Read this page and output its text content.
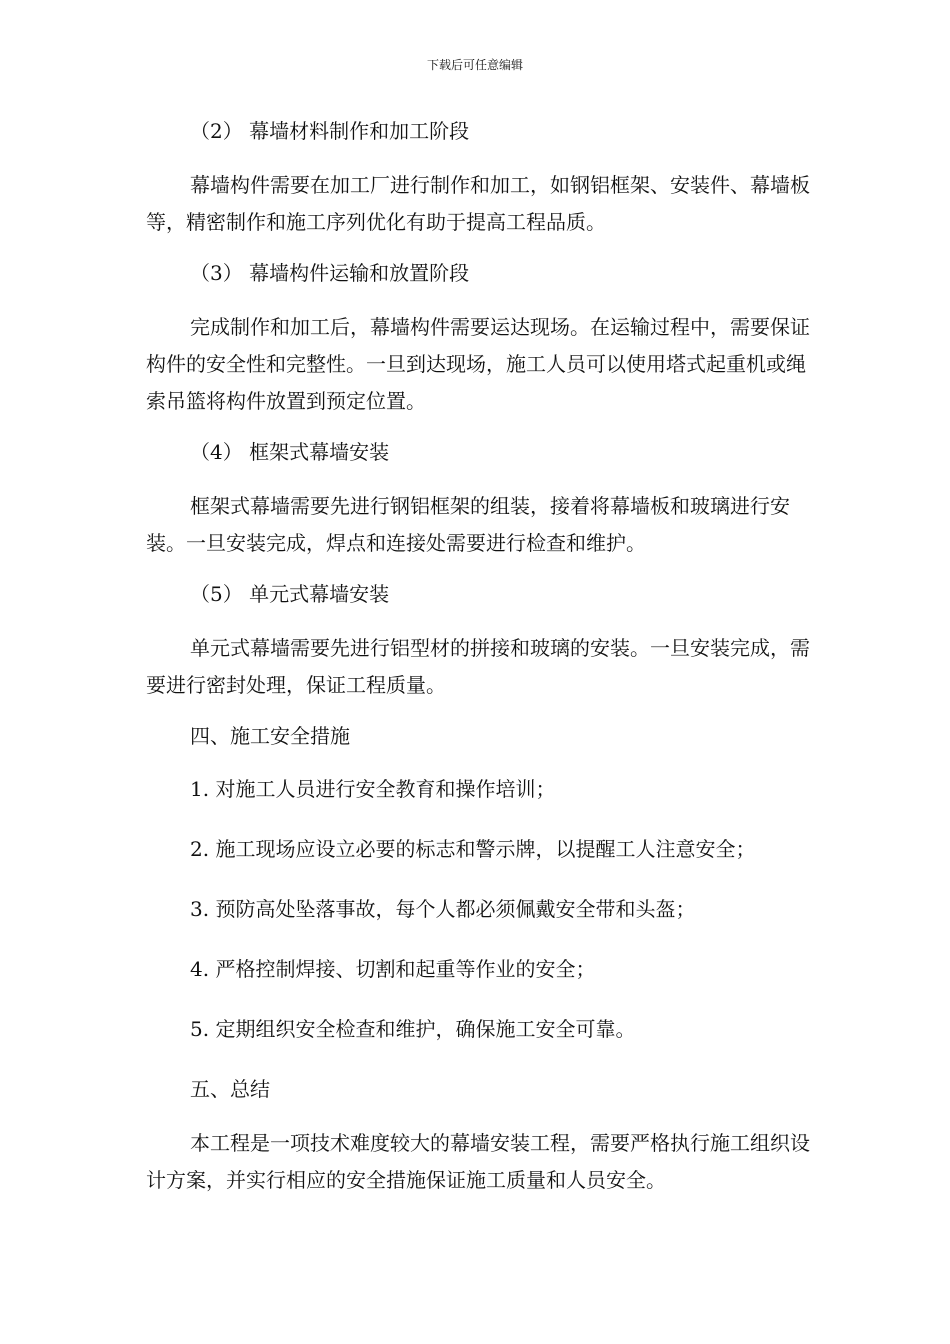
下载后可任意编辑
（2） 幕墙材料制作和加工阶段
幕墙构件需要在加工厂进行制作和加工，如钢铝框架、安装件、幕墙板等，精密制作和施工序列优化有助于提高工程品质。
（3） 幕墙构件运输和放置阶段
完成制作和加工后，幕墙构件需要运达现场。在运输过程中，需要保证构件的安全性和完整性。一旦到达现场，施工人员可以使用塔式起重机或绳索吊篮将构件放置到预定位置。
（4） 框架式幕墙安装
框架式幕墙需要先进行钢铝框架的组装，接着将幕墙板和玻璃进行安装。一旦安装完成，焊点和连接处需要进行检查和维护。
（5） 单元式幕墙安装
单元式幕墙需要先进行铝型材的拼接和玻璃的安装。一旦安装完成，需要进行密封处理，保证工程质量。
四、施工安全措施
1. 对施工人员进行安全教育和操作培训；
2. 施工现场应设立必要的标志和警示牌，以提醒工人注意安全；
3. 预防高处坠落事故，每个人都必须佩戴安全带和头盔；
4. 严格控制焊接、切割和起重等作业的安全；
5. 定期组织安全检查和维护，确保施工安全可靠。
五、总结
本工程是一项技术难度较大的幕墙安装工程，需要严格执行施工组织设计方案，并实行相应的安全措施保证施工质量和人员安全。
